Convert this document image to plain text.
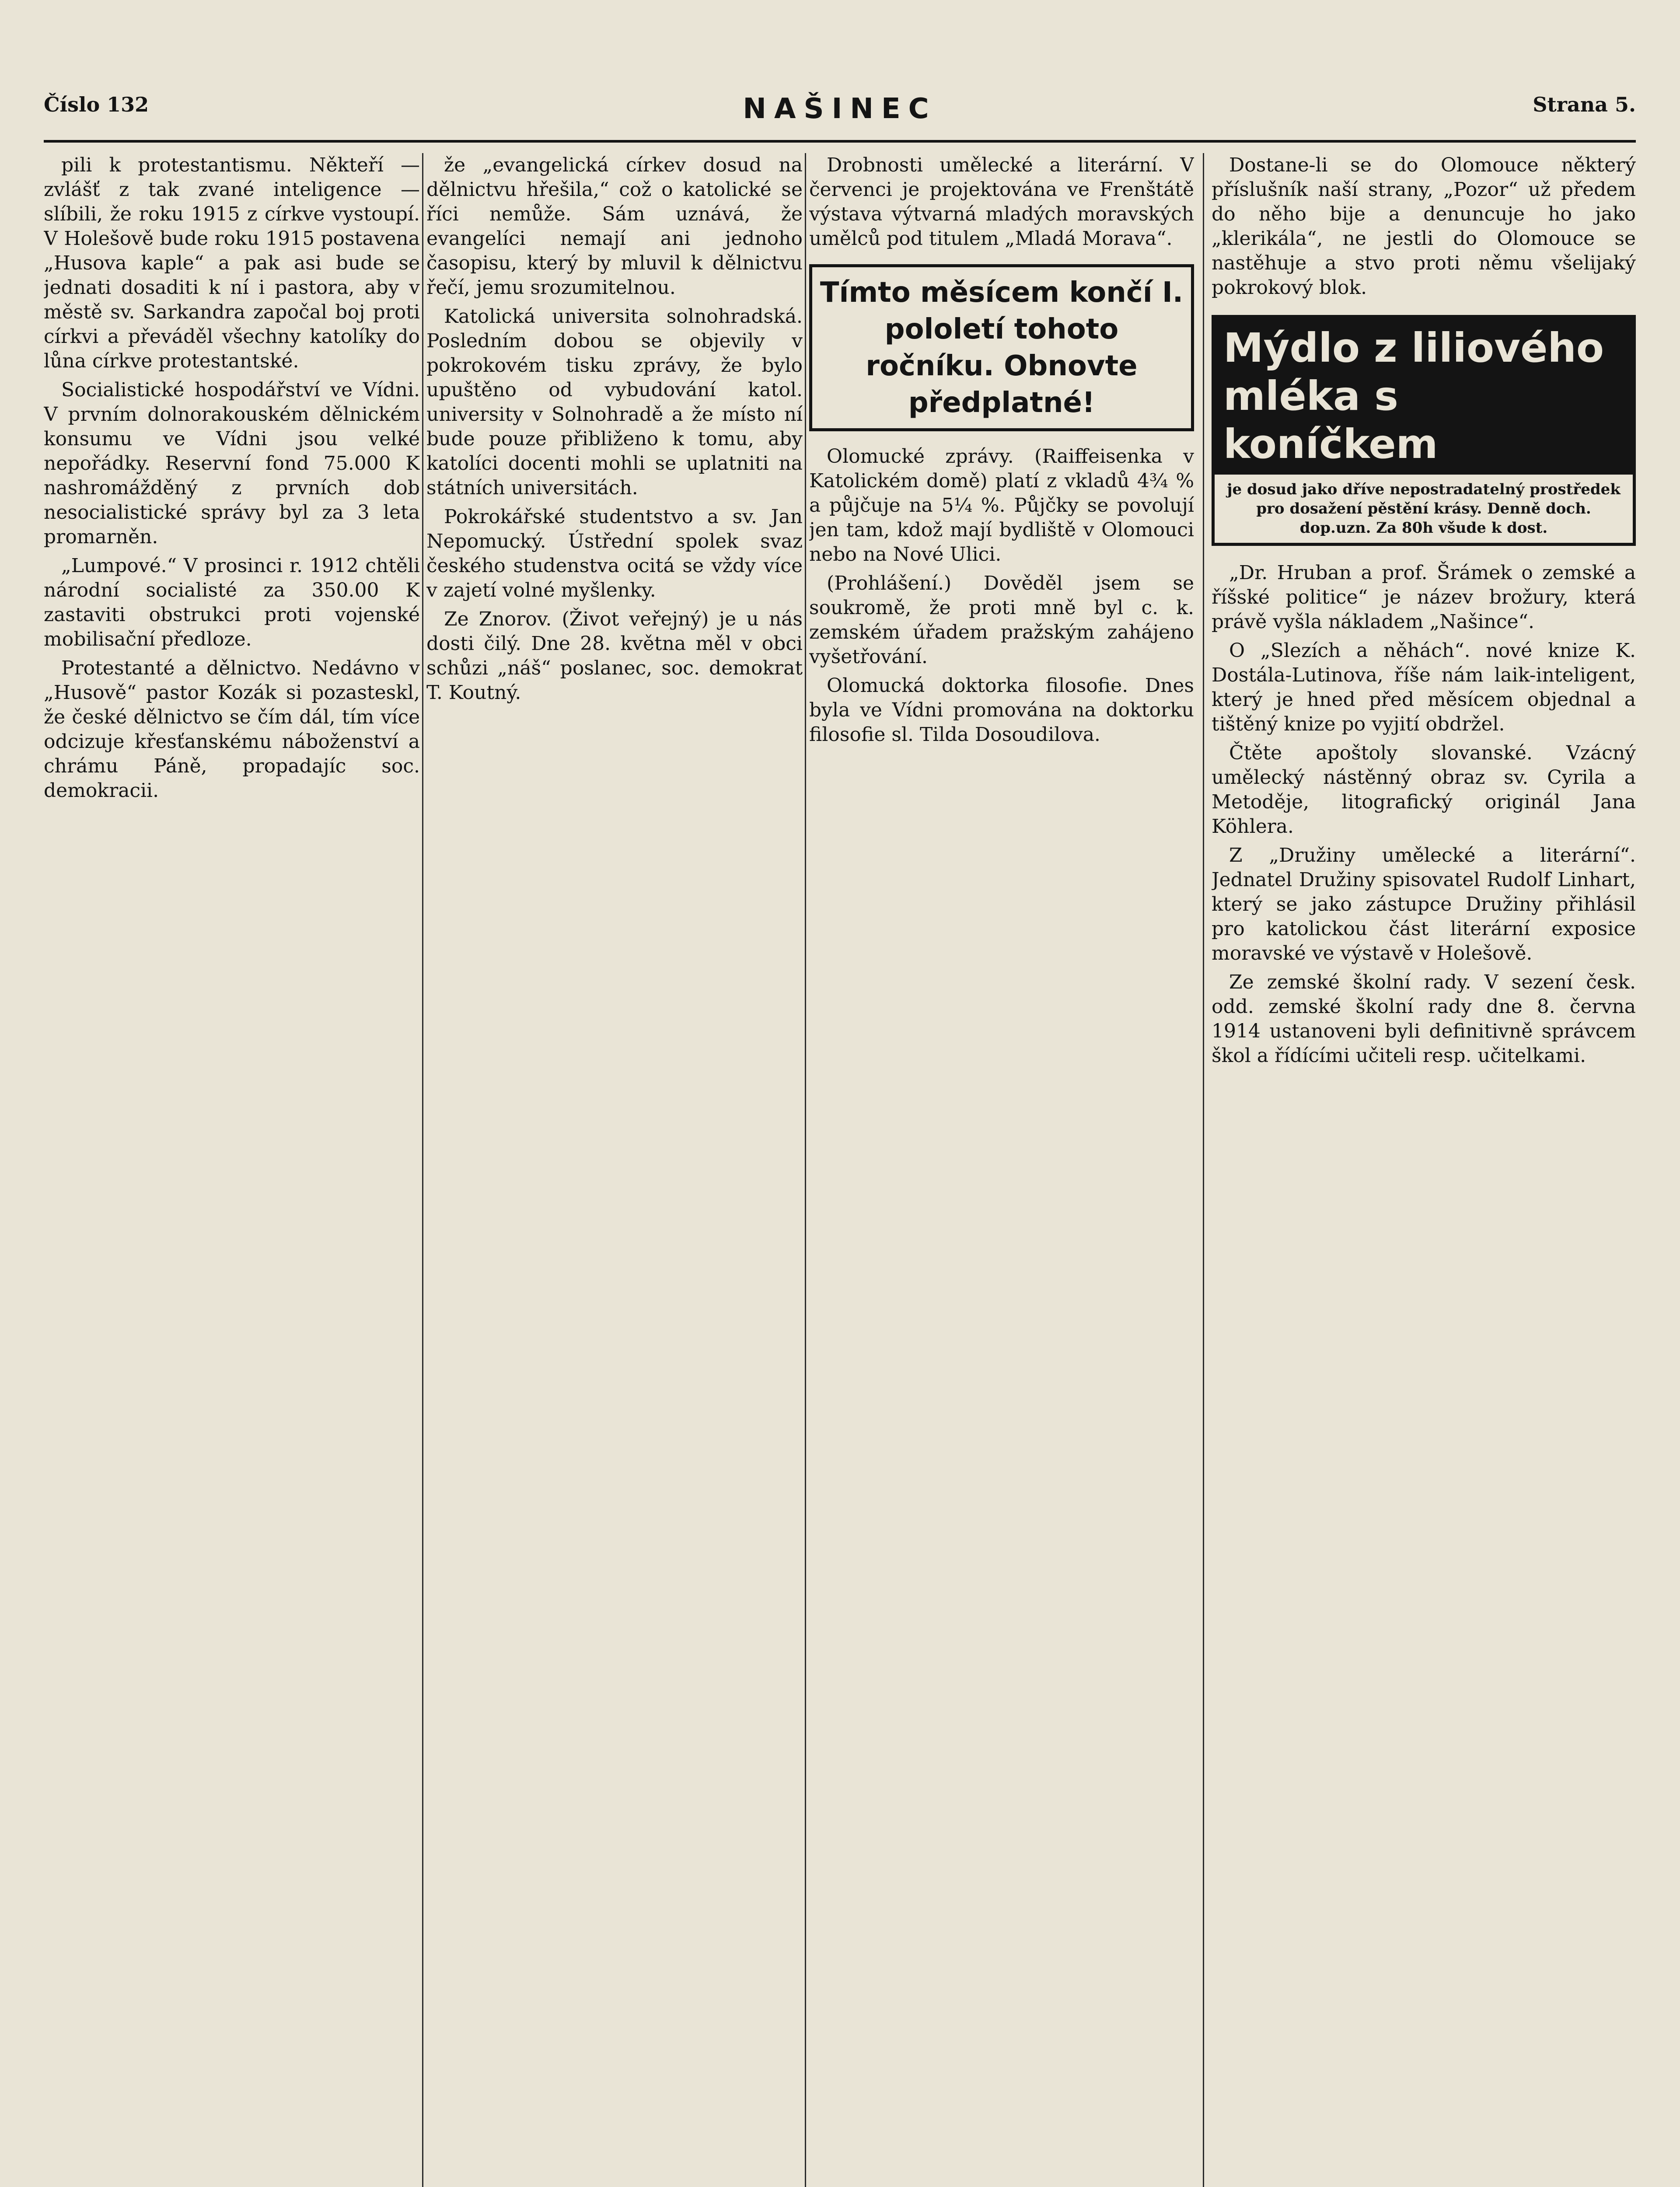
Číslo 132	NAŠINEC	Strana 5.

pili k protestantismu. Někteří — zvlášť z tak zvané inteligence — slíbili, že roku 1915 z církve vystoupí. V Holešově bude roku 1915 postavena „Husova kaple“ a pak asi bude se jednati dosaditi k ní i pastora, aby v městě sv. Sarkandra započal boj proti církvi a převáděl všechny katolíky do lůna církve protestantské.

Socialistické hospodářství ve Vídni. V prvním dolnorakouském dělnickém konsumu ve Vídni jsou velké nepořádky. Reservní fond 75.000 K nashromážděný z prvních dob nesocialistické správy byl za 3 leta promarněn.

„Lumpové.“ V prosinci r. 1912 chtěli národní socialisté za 350.00 K zastaviti obstrukci proti vojenské mobilisační předloze.

Protestanté a dělnictvo. Nedávno v „Husově“ pastor Kozák si pozasteskl, že české dělnictvo se čím dál, tím více odcizuje křesťanskému náboženství a chrámu Páně, propadajíc soc. demokracii.

že „evangelická církev dosud na dělnictvu hřešila,“ což o katolické se říci nemůže. Sám uznává, že evangelíci nemají ani jednoho časopisu, který by mluvil k dělnictvu řečí, jemu srozumitelnou.

Katolická universita solnohradská. Posledním dobou se objevily v pokrokovém tisku zprávy, že bylo upuštěno od vybudování katol. university v Solnohradě a že místo ní bude pouze přibliženo k tomu, aby katolíci docenti mohli se uplatniti na státních universitách.

Pokrokářské studentstvo a sv. Jan Nepomucký. Ústřední spolek svaz českého studenstva ocitá se vždy více v zajetí volné myšlenky.

Ze Znorov. (Život veřejný) je u nás dosti čilý. Dne 28. května měl v obci schůzi „náš“ poslanec, soc. demokrat T. Koutný.

Drobnosti umělecké a literární. V červenci je projektována ve Frenštátě výstava výtvarná mladých moravských umělců pod titulem „Mladá Morava“.

Tímto měsícem končí I. pololetí tohoto ročníku. Obnovte předplatné!

Olomucké zprávy. (Raiffeisenka v Katolickém domě) platí z vkladů 4¾ % a půjčuje na 5¼ %. Půjčky se povolují jen tam, kdož mají bydliště v Olomouci nebo na Nové Ulici.

(Prohlášení.) Dověděl jsem se soukromě, že proti mně byl c. k. zemském úřadem pražským zahájeno vyšetřování.

Olomucká doktorka filosofie. Dnes byla ve Vídni promována na doktorku filosofie sl. Tilda Dosoudilova.

Dostane-li se do Olomouce některý příslušník naší strany, „Pozor“ už předem do něho bije a denuncuje ho jako „klerikála“, ne jestli do Olomouce se nastěhuje a stvo proti němu všelijaký pokrokový blok.

Mýdlo z liliového mléka s koníčkem
je dosud jako dříve nepostradatelný prostředek pro dosažení pěstění krásy. Denně doch. dop.uzn. Za 80h všude k dost.

„Dr. Hruban a prof. Šrámek o zemské a říšské politice“ je název brožury, která právě vyšla nákladem „Našince“.

O „Slezích a něhách“. nové knize K. Dostála-Lutinova, říše nám laik-inteligent, který je hned před měsícem objednal a tištěný knize po vyjití obdržel.

Čtěte apoštoly slovanské. Vzácný umělecký nástěnný obraz sv. Cyrila a Metoděje, litografický originál Jana Köhlera.

Z „Družiny umělecké a literární“. Jednatel Družiny spisovatel Rudolf Linhart, který se jako zástupce Družiny přihlásil pro katolickou část literární exposice moravské ve výstavě v Holešově.

Ze zemské školní rady. V sezení česk. odd. zemské školní rady dne 8. června 1914 ustanoveni byli definitivně správcem škol a řídícími učiteli resp. učitelkami.
